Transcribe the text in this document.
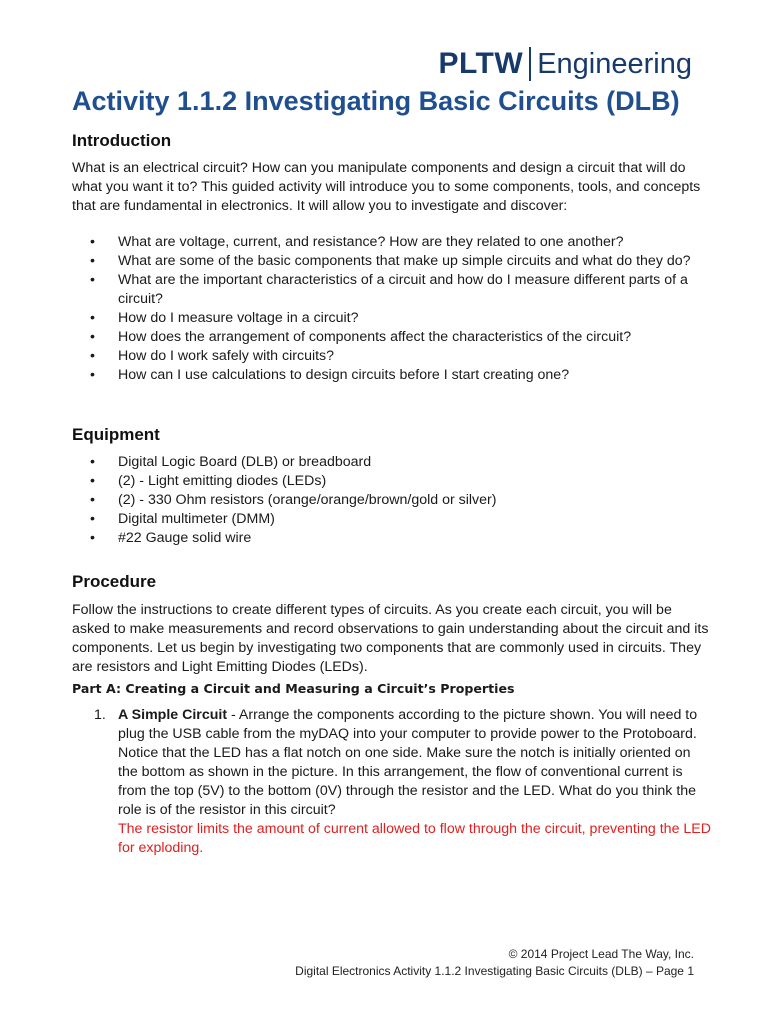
PLTW Engineering
Activity 1.1.2 Investigating Basic Circuits (DLB)
Introduction

What is an electrical circuit? How can you manipulate components and design a circuit that will do what you want it to? This guided activity will introduce you to some components, tools, and concepts that are fundamental in electronics. It will allow you to investigate and discover:

• What are voltage, current, and resistance? How are they related to one another?
• What are some of the basic components that make up simple circuits and what do they do?
• What are the important characteristics of a circuit and how do I measure different parts of a circuit?
• How do I measure voltage in a circuit?
• How does the arrangement of components affect the characteristics of the circuit?
• How do I work safely with circuits?
• How can I use calculations to design circuits before I start creating one?
Equipment
• Digital Logic Board (DLB) or breadboard
• (2) - Light emitting diodes (LEDs)
• (2) - 330 Ohm resistors (orange/orange/brown/gold or silver)
• Digital multimeter (DMM)
• #22 Gauge solid wire
Procedure

Follow the instructions to create different types of circuits. As you create each circuit, you will be asked to make measurements and record observations to gain understanding about the circuit and its components. Let us begin by investigating two components that are commonly used in circuits. They are resistors and Light Emitting Diodes (LEDs).

Part A: Creating a Circuit and Measuring a Circuit’s Properties

1. A Simple Circuit - Arrange the components according to the picture shown. You will need to plug the USB cable from the myDAQ into your computer to provide power to the Protoboard. Notice that the LED has a flat notch on one side. Make sure the notch is initially oriented on the bottom as shown in the picture. In this arrangement, the flow of conventional current is from the top (5V) to the bottom (0V) through the resistor and the LED. What do you think the role is of the resistor in this circuit?
The resistor limits the amount of current allowed to flow through the circuit, preventing the LED for exploding.
© 2014 Project Lead The Way, Inc.
Digital Electronics Activity 1.1.2 Investigating Basic Circuits (DLB) – Page 1
